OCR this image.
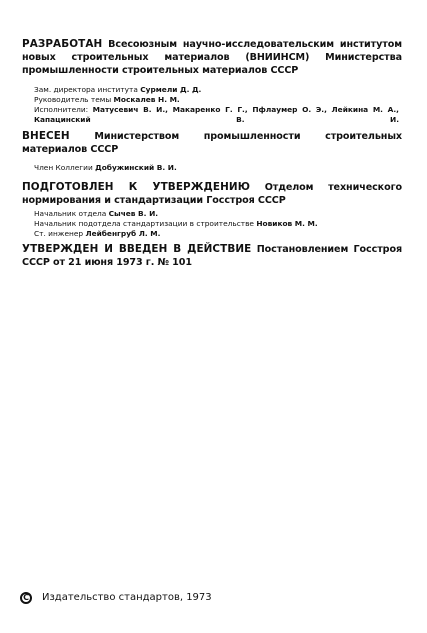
РАЗРАБОТАН Всесоюзным научно-исследовательским институтом новых строительных материалов (ВНИИНСМ) Министерства промышленности строительных материалов СССР
Зам. директора института Сурмели Д. Д.
Руководитель темы Москалев Н. М.
Исполнители: Матусевич В. И., Макаренко Г. Г., Пфлаумер О. Э., Лейкина М. А., Капацинский В. И.
ВНЕСЕН	Министерством промышленности строительных материалов СССР
Член Коллегии Добужинский В. И.
ПОДГОТОВЛЕН К УТВЕРЖДЕНИЮ Отделом технического нормирования и стандартизации Госстроя СССР
Начальник отдела Сычев В. И.
Начальник подотдела стандартизации в строительстве Новиков М. М.
Ст. инженер Лейбенгруб Л. М.
УТВЕРЖДЕН И ВВЕДЕН В ДЕЙСТВИЕ Постановлением Госстроя СССР от 21 июня 1973 г. № 101
C	Издательство стандартов, 1973
